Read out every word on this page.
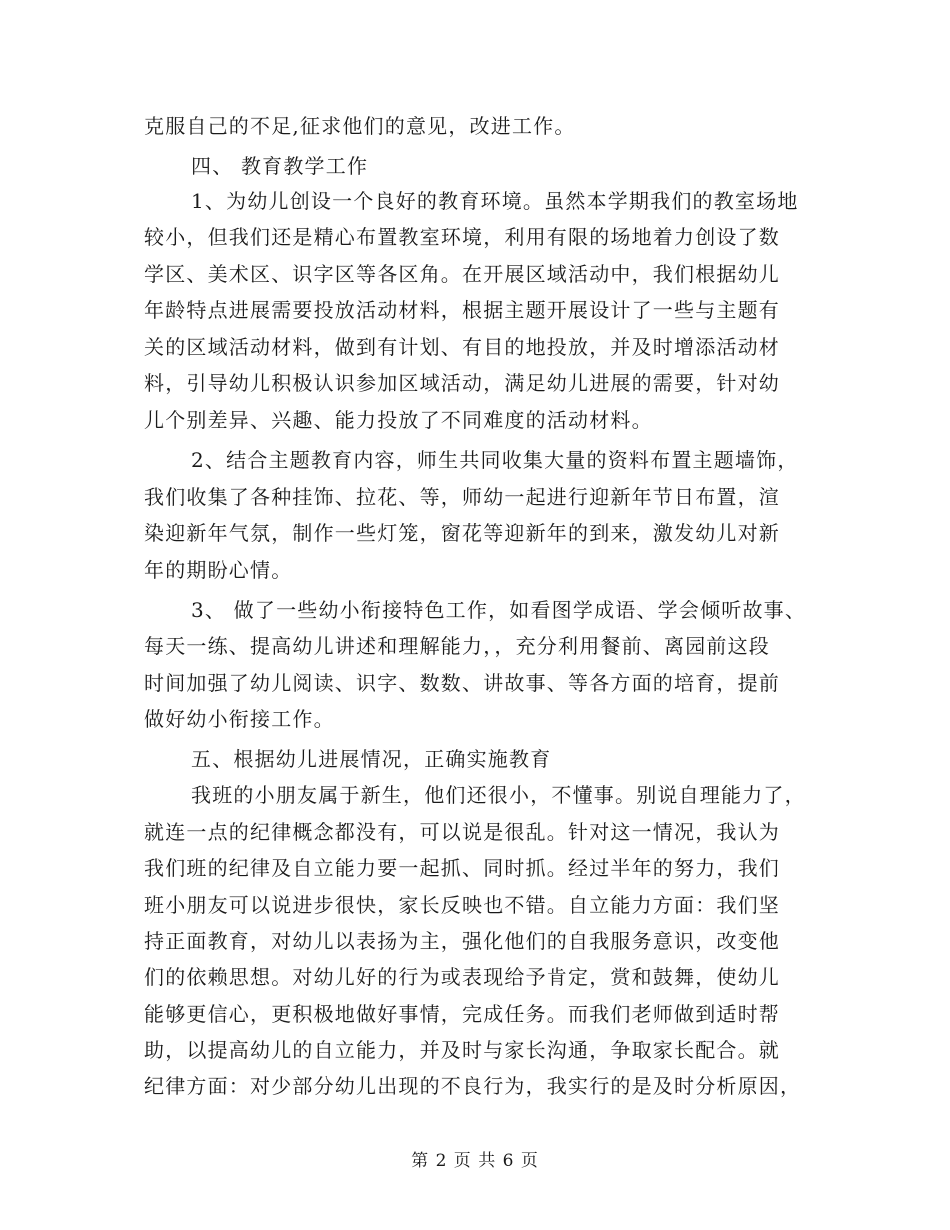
克服自己的不足,征求他们的意见，改进工作。
四、 教育教学工作
1、为幼儿创设一个良好的教育环境。虽然本学期我们的教室场地
较小，但我们还是精心布置教室环境，利用有限的场地着力创设了数
学区、美术区、识字区等各区角。在开展区域活动中，我们根据幼儿
年龄特点进展需要投放活动材料，根据主题开展设计了一些与主题有
关的区域活动材料，做到有计划、有目的地投放，并及时增添活动材
料，引导幼儿积极认识参加区域活动，满足幼儿进展的需要，针对幼
儿个别差异、兴趣、能力投放了不同难度的活动材料。
2、结合主题教育内容，师生共同收集大量的资料布置主题墙饰，
我们收集了各种挂饰、拉花、等，师幼一起进行迎新年节日布置，渲
染迎新年气氛，制作一些灯笼，窗花等迎新年的到来，激发幼儿对新
年的期盼心情。
3、 做了一些幼小衔接特色工作，如看图学成语、学会倾听故事、
每天一练、提高幼儿讲述和理解能力，，充分利用餐前、离园前这段
时间加强了幼儿阅读、识字、数数、讲故事、等各方面的培育，提前
做好幼小衔接工作。
五、根据幼儿进展情况，正确实施教育
我班的小朋友属于新生，他们还很小，不懂事。别说自理能力了，
就连一点的纪律概念都没有，可以说是很乱。针对这一情况，我认为
我们班的纪律及自立能力要一起抓、同时抓。经过半年的努力，我们
班小朋友可以说进步很快，家长反映也不错。自立能力方面：我们坚
持正面教育，对幼儿以表扬为主，强化他们的自我服务意识，改变他
们的依赖思想。对幼儿好的行为或表现给予肯定，赏和鼓舞，使幼儿
能够更信心，更积极地做好事情，完成任务。而我们老师做到适时帮
助，以提高幼儿的自立能力，并及时与家长沟通，争取家长配合。就
纪律方面：对少部分幼儿出现的不良行为，我实行的是及时分析原因，
第 2 页 共 6 页
